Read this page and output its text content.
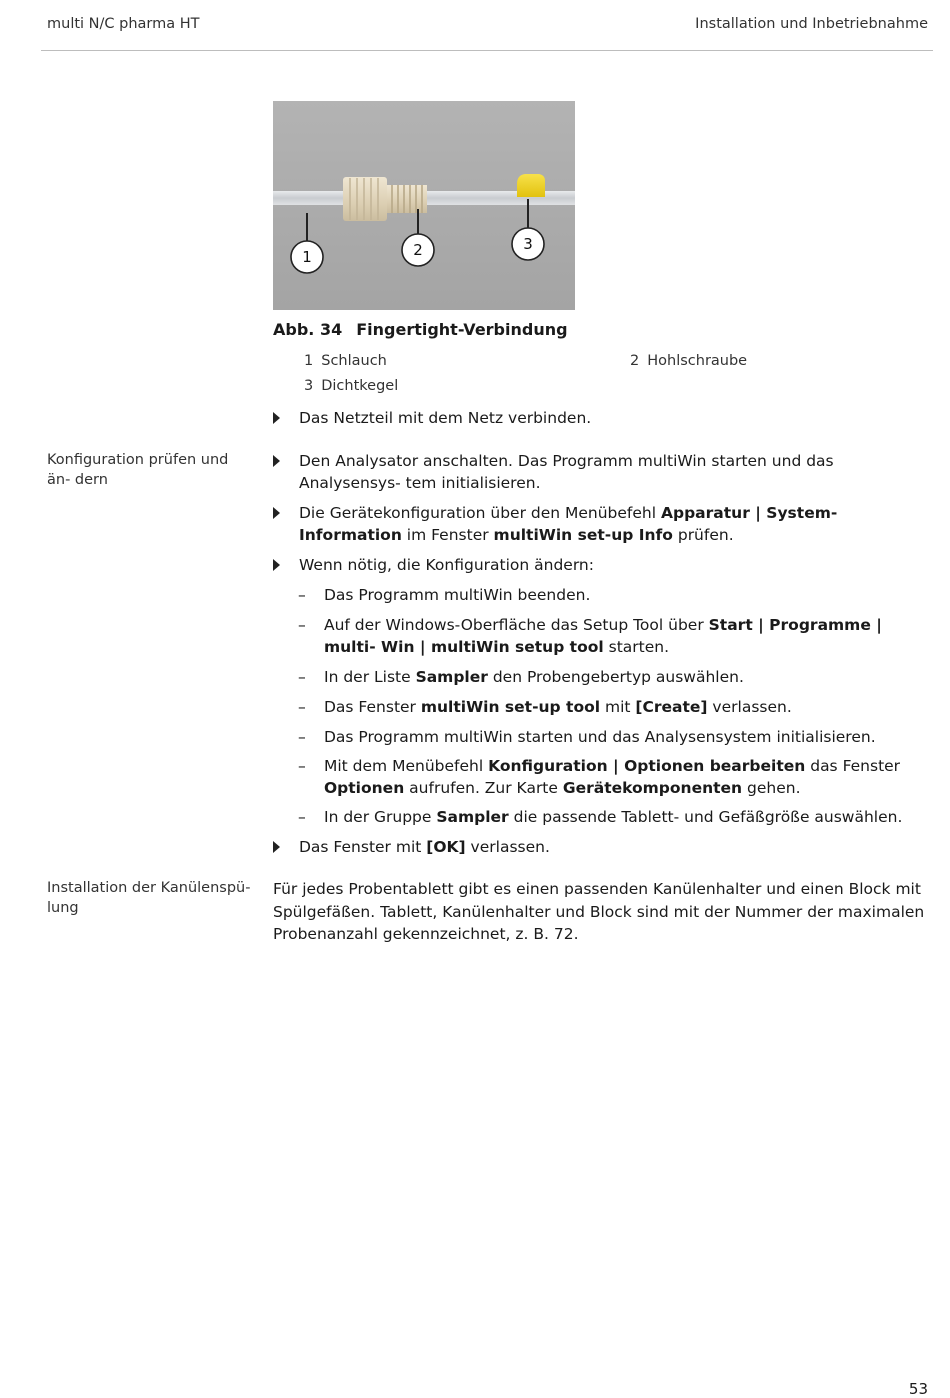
multi N/C pharma HT	Installation und Inbetriebnahme
1	2	3
Abb. 34 Fingertight-Verbindung
1 Schlauch	2 Hohlschraube
3 Dichtkegel
Das Netzteil mit dem Netz verbinden.
Konfiguration prüfen und än- dern
Den Analysator anschalten. Das Programm multiWin starten und das Analysensys- tem initialisieren.
Die Gerätekonfiguration über den Menübefehl Apparatur | System-Information im Fenster multiWin set-up Info prüfen.
Wenn nötig, die Konfiguration ändern:
– Das Programm multiWin beenden.
– Auf der Windows-Oberfläche das Setup Tool über Start | Programme | multi- Win | multiWin setup tool starten.
– In der Liste Sampler den Probengebertyp auswählen.
– Das Fenster multiWin set-up tool mit [Create] verlassen.
– Das Programm multiWin starten und das Analysensystem initialisieren.
– Mit dem Menübefehl Konfiguration | Optionen bearbeiten das Fenster Optionen aufrufen. Zur Karte Gerätekomponenten gehen.
– In der Gruppe Sampler die passende Tablett- und Gefäßgröße auswählen.
Das Fenster mit [OK] verlassen.
Installation der Kanülenspü- lung
Für jedes Probentablett gibt es einen passenden Kanülenhalter und einen Block mit Spülgefäßen. Tablett, Kanülenhalter und Block sind mit der Nummer der maximalen Probenanzahl gekennzeichnet, z. B. 72.
53
